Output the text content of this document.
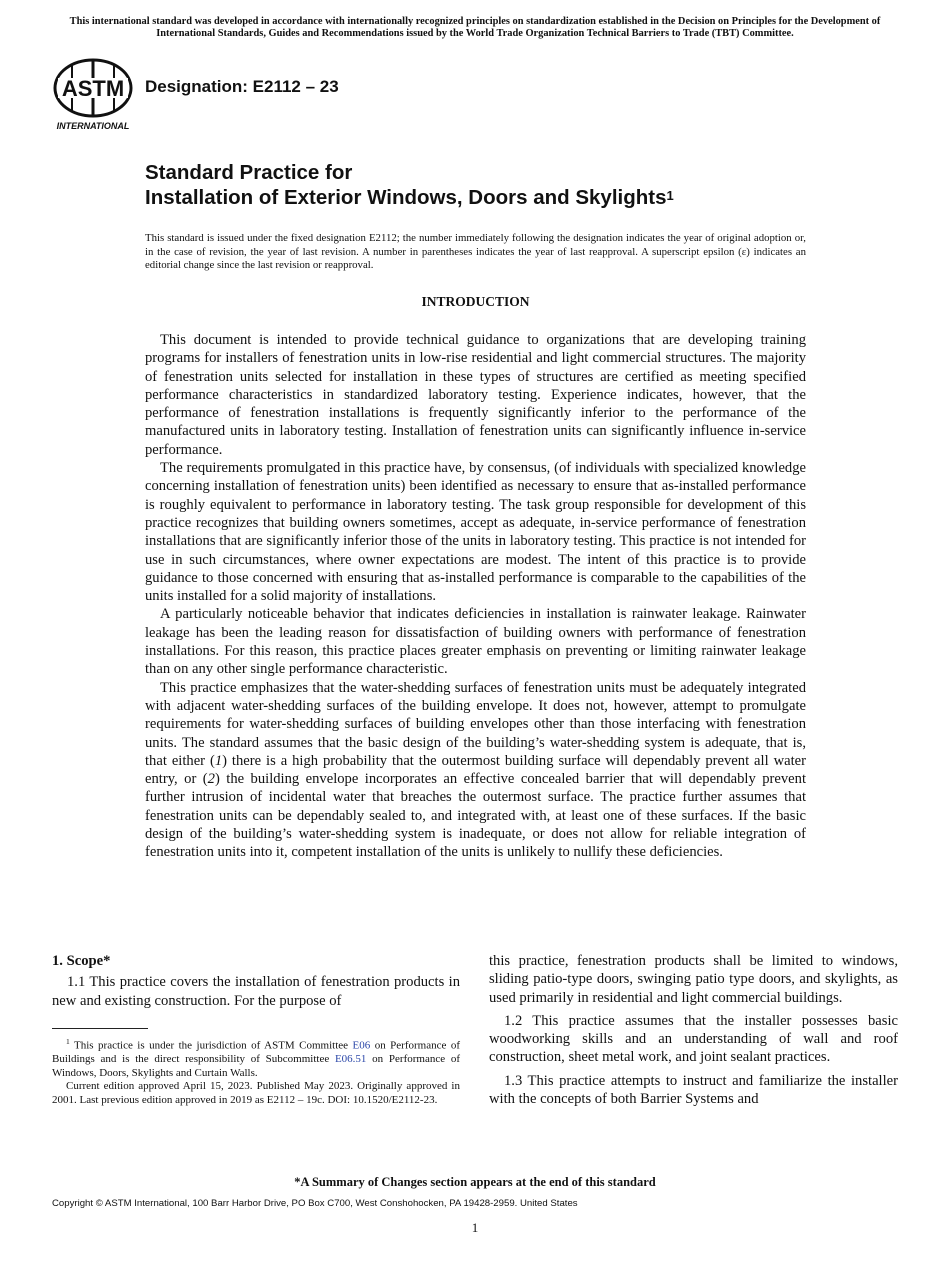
This international standard was developed in accordance with internationally recognized principles on standardization established in the Decision on Principles for the Development of International Standards, Guides and Recommendations issued by the World Trade Organization Technical Barriers to Trade (TBT) Committee.
ASTM
INTERNATIONAL
Designation: E2112 – 23
Standard Practice for
Installation of Exterior Windows, Doors and Skylights$^1$
This standard is issued under the fixed designation E2112; the number immediately following the designation indicates the year of original adoption or, in the case of revision, the year of last revision. A number in parentheses indicates the year of last reapproval. A superscript epsilon (ε) indicates an editorial change since the last revision or reapproval.
INTRODUCTION

This document is intended to provide technical guidance to organizations that are developing training programs for installers of fenestration units in low-rise residential and light commercial structures. The majority of fenestration units selected for installation in these types of structures are certified as meeting specified performance characteristics in standardized laboratory testing. Experience indicates, however, that the performance of fenestration installations is frequently significantly inferior to the performance of the manufactured units in laboratory testing. Installation of fenestration units can significantly influence in-service performance.

The requirements promulgated in this practice have, by consensus, (of individuals with specialized knowledge concerning installation of fenestration units) been identified as necessary to ensure that as-installed performance is roughly equivalent to performance in laboratory testing. The task group responsible for development of this practice recognizes that building owners sometimes, accept as adequate, in-service performance of fenestration installations that are significantly inferior those of the units in laboratory testing. This practice is not intended for use in such circumstances, where owner expectations are modest. The intent of this practice is to provide guidance to those concerned with ensuring that as-installed performance is comparable to the capabilities of the units installed for a solid majority of installations.

A particularly noticeable behavior that indicates deficiencies in installation is rainwater leakage. Rainwater leakage has been the leading reason for dissatisfaction of building owners with performance of fenestration installations. For this reason, this practice places greater emphasis on preventing or limiting rainwater leakage than on any other single performance characteristic.

This practice emphasizes that the water-shedding surfaces of fenestration units must be adequately integrated with adjacent water-shedding surfaces of the building envelope. It does not, however, attempt to promulgate requirements for water-shedding surfaces of building envelopes other than those interfacing with fenestration units. The standard assumes that the basic design of the building’s water-shedding system is adequate, that is, that either (1) there is a high probability that the outermost building surface will dependably prevent all water entry, or (2) the building envelope incorporates an effective concealed barrier that will dependably prevent further intrusion of incidental water that breaches the outermost surface. The practice further assumes that fenestration units can be dependably sealed to, and integrated with, at least one of these surfaces. If the basic design of the building’s water-shedding system is inadequate, or does not allow for reliable integration of fenestration units into it, competent installation of the units is unlikely to nullify these deficiencies.

1. Scope*

1.1 This practice covers the installation of fenestration products in new and existing construction. For the purpose of

$^1$ This practice is under the jurisdiction of ASTM Committee E06 on Performance of Buildings and is the direct responsibility of Subcommittee E06.51 on Performance of Windows, Doors, Skylights and Curtain Walls.

Current edition approved April 15, 2023. Published May 2023. Originally approved in 2001. Last previous edition approved in 2019 as E2112 – 19c. DOI: 10.1520/E2112-23.

this practice, fenestration products shall be limited to windows, sliding patio-type doors, swinging patio type doors, and skylights, as used primarily in residential and light commercial buildings.

1.2 This practice assumes that the installer possesses basic woodworking skills and an understanding of wall and roof construction, sheet metal work, and joint sealant practices.

1.3 This practice attempts to instruct and familiarize the installer with the concepts of both Barrier Systems and

*A Summary of Changes section appears at the end of this standard
Copyright © ASTM International, 100 Barr Harbor Drive, PO Box C700, West Conshohocken, PA 19428-2959. United States
1
